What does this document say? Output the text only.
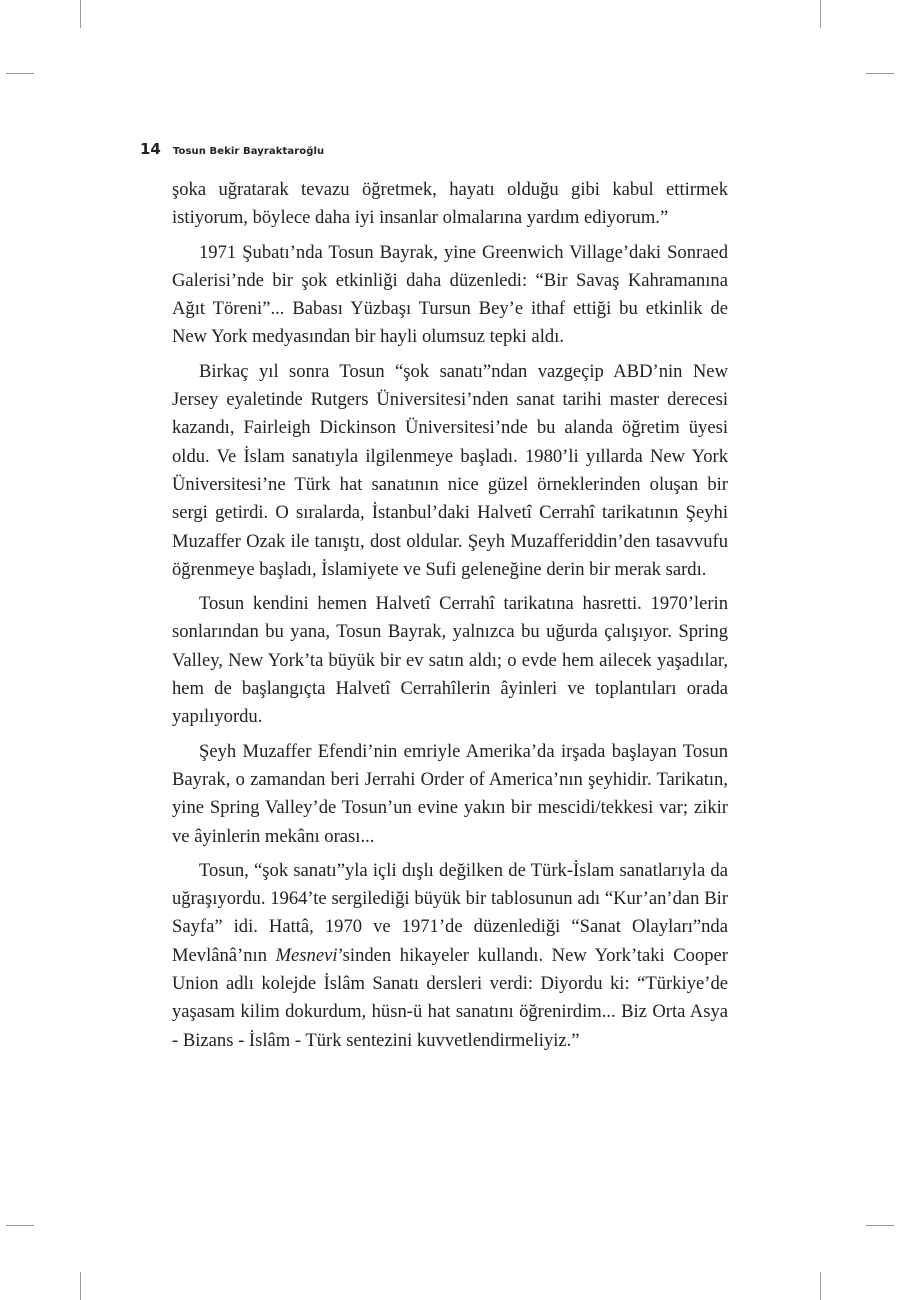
14 Tosun Bekir Bayraktaroğlu

şoka uğratarak tevazu öğretmek, hayatı olduğu gibi kabul ettirmek istiyorum, böylece daha iyi insanlar olmalarına yardım ediyorum.”

1971 Şubatı’nda Tosun Bayrak, yine Greenwich Village’daki Sonraed Galerisi’nde bir şok etkinliği daha düzenledi: “Bir Savaş Kahramanına Ağıt Töreni”... Babası Yüzbaşı Tursun Bey’e ithaf ettiği bu etkinlik de New York medyasından bir hayli olumsuz tepki aldı.

Birkaç yıl sonra Tosun “şok sanatı”ndan vazgeçip ABD’nin New Jersey eyaletinde Rutgers Üniversitesi’nden sanat tarihi master derecesi kazandı, Fairleigh Dickinson Üniversitesi’nde bu alanda öğretim üyesi oldu. Ve İslam sanatıyla ilgilenmeye başladı. 1980’li yıllarda New York Üniversitesi’ne Türk hat sanatının nice güzel örneklerinden oluşan bir sergi getirdi. O sıralarda, İstanbul’daki Halvetî Cerrahî tarikatının Şeyhi Muzaffer Ozak ile tanıştı, dost oldular. Şeyh Muzafferiddin’den tasavvufu öğrenmeye başladı, İslamiyete ve Sufi geleneğine derin bir merak sardı.

Tosun kendini hemen Halvetî Cerrahî tarikatına hasretti. 1970’lerin sonlarından bu yana, Tosun Bayrak, yalnızca bu uğurda çalışıyor. Spring Valley, New York’ta büyük bir ev satın aldı; o evde hem ailecek yaşadılar, hem de başlangıçta Halvetî Cerrahîlerin âyinleri ve toplantıları orada yapılıyordu.

Şeyh Muzaffer Efendi’nin emriyle Amerika’da irşada başlayan Tosun Bayrak, o zamandan beri Jerrahi Order of America’nın şeyhidir. Tarikatın, yine Spring Valley’de Tosun’un evine yakın bir mescidi/tekkesi var; zikir ve âyinlerin mekânı orası...

Tosun, “şok sanatı”yla içli dışlı değilken de Türk-İslam sanatlarıyla da uğraşıyordu. 1964’te sergilediği büyük bir tablosunun adı “Kur’an’dan Bir Sayfa” idi. Hattâ, 1970 ve 1971’de düzenlediği “Sanat Olayları”nda Mevlânâ’nın Mesnevi’sinden hikayeler kullandı. New York’taki Cooper Union adlı kolejde İslâm Sanatı dersleri verdi: Diyordu ki: “Türkiye’de yaşasam kilim dokurdum, hüsn-ü hat sanatını öğrenirdim... Biz Orta Asya - Bizans - İslâm - Türk sentezini kuvvetlendirmeliyiz.”
